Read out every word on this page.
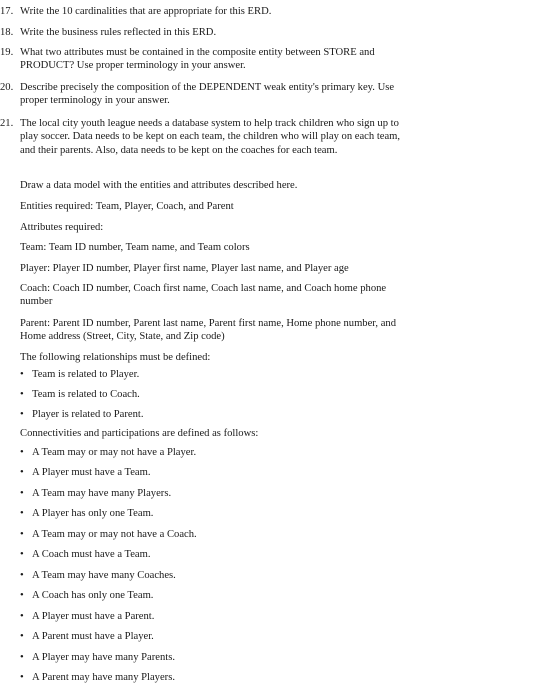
17. Write the 10 cardinalities that are appropriate for this ERD.
18. Write the business rules reflected in this ERD.
19. What two attributes must be contained in the composite entity between STORE and PRODUCT? Use proper terminology in your answer.
20. Describe precisely the composition of the DEPENDENT weak entity's primary key. Use proper terminology in your answer.
21. The local city youth league needs a database system to help track children who sign up to play soccer. Data needs to be kept on each team, the children who will play on each team, and their parents. Also, data needs to be kept on the coaches for each team.
Draw a data model with the entities and attributes described here.
Entities required: Team, Player, Coach, and Parent
Attributes required:
Team: Team ID number, Team name, and Team colors
Player: Player ID number, Player first name, Player last name, and Player age
Coach: Coach ID number, Coach first name, Coach last name, and Coach home phone number
Parent: Parent ID number, Parent last name, Parent first name, Home phone number, and Home address (Street, City, State, and Zip code)
The following relationships must be defined:
• Team is related to Player.
• Team is related to Coach.
• Player is related to Parent.
Connectivities and participations are defined as follows:
• A Team may or may not have a Player.
• A Player must have a Team.
• A Team may have many Players.
• A Player has only one Team.
• A Team may or may not have a Coach.
• A Coach must have a Team.
• A Team may have many Coaches.
• A Coach has only one Team.
• A Player must have a Parent.
• A Parent must have a Player.
• A Player may have many Parents.
• A Parent may have many Players.
